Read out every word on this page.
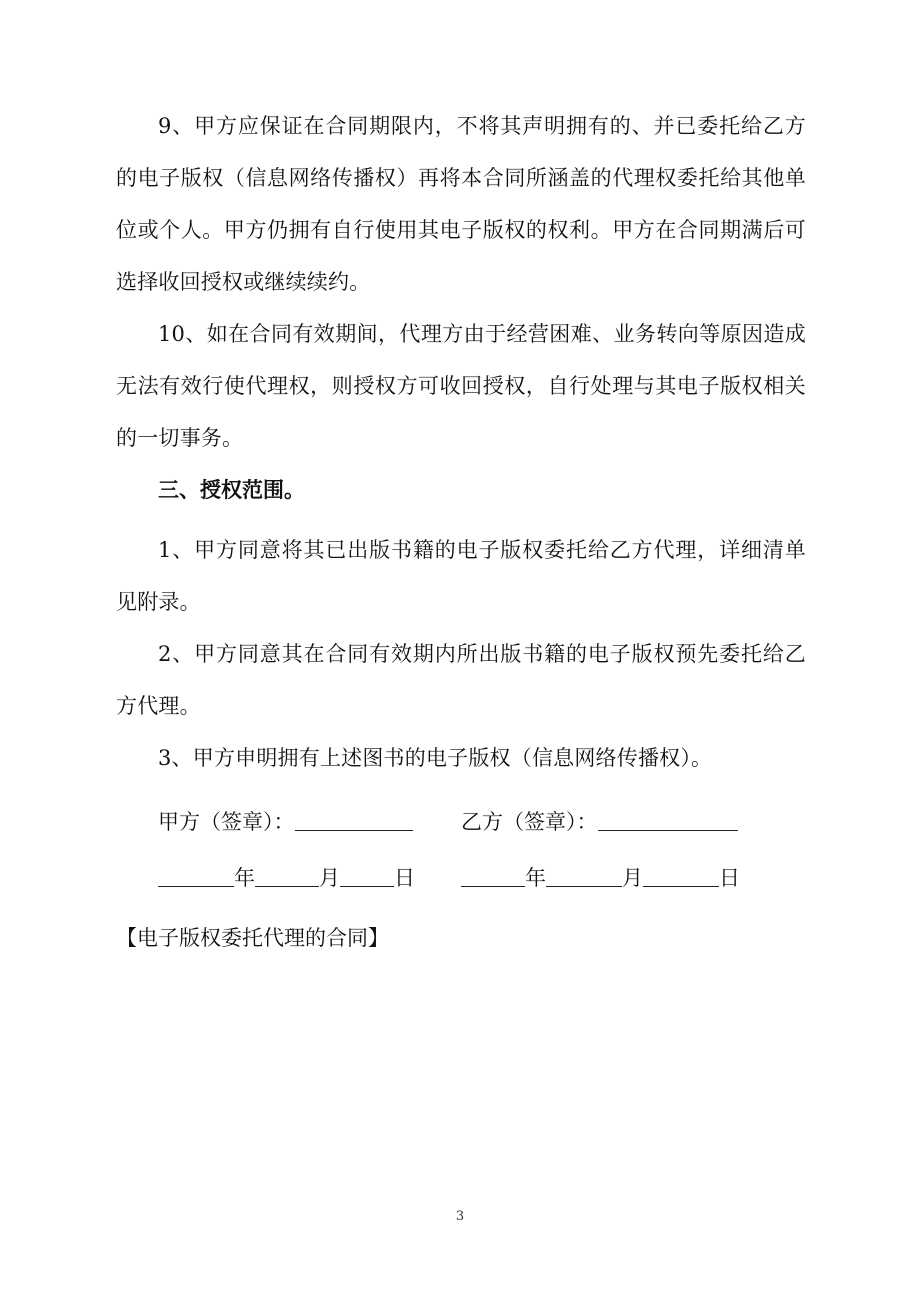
9、甲方应保证在合同期限内，不将其声明拥有的、并已委托给乙方的电子版权（信息网络传播权）再将本合同所涵盖的代理权委托给其他单位或个人。甲方仍拥有自行使用其电子版权的权利。甲方在合同期满后可选择收回授权或继续续约。

10、如在合同有效期间，代理方由于经营困难、业务转向等原因造成无法有效行使代理权，则授权方可收回授权，自行处理与其电子版权相关的一切事务。

三、授权范围。

1、甲方同意将其已出版书籍的电子版权委托给乙方代理，详细清单见附录。

2、甲方同意其在合同有效期内所出版书籍的电子版权预先委托给乙方代理。

3、甲方申明拥有上述图书的电子版权（信息网络传播权）。

甲方（签章）：	乙方（签章）：
年	月	日	年	月	日

【电子版权委托代理的合同】

3
